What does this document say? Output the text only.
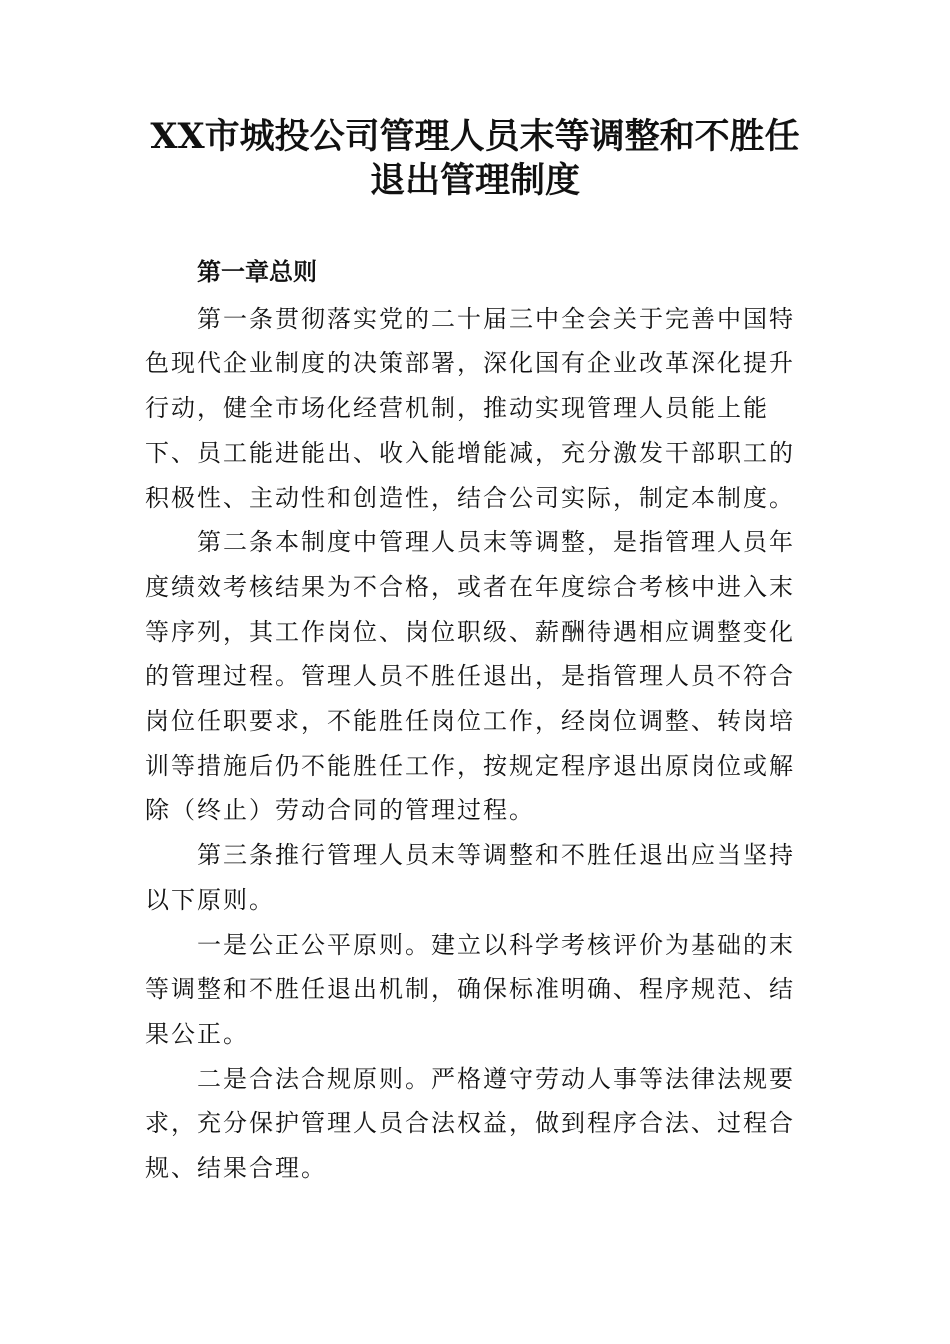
XX市城投公司管理人员末等调整和不胜任
退出管理制度
第一章总则
第一条贯彻落实党的二十届三中全会关于完善中国特
色现代企业制度的决策部署，深化国有企业改革深化提升
行动，健全市场化经营机制，推动实现管理人员能上能
下、员工能进能出、收入能增能减，充分激发干部职工的
积极性、主动性和创造性，结合公司实际，制定本制度。
第二条本制度中管理人员末等调整，是指管理人员年
度绩效考核结果为不合格，或者在年度综合考核中进入末
等序列，其工作岗位、岗位职级、薪酬待遇相应调整变化
的管理过程。管理人员不胜任退出，是指管理人员不符合
岗位任职要求，不能胜任岗位工作，经岗位调整、转岗培
训等措施后仍不能胜任工作，按规定程序退出原岗位或解
除（终止）劳动合同的管理过程。
第三条推行管理人员末等调整和不胜任退出应当坚持
以下原则。
一是公正公平原则。建立以科学考核评价为基础的末
等调整和不胜任退出机制，确保标准明确、程序规范、结
果公正。
二是合法合规原则。严格遵守劳动人事等法律法规要
求，充分保护管理人员合法权益，做到程序合法、过程合
规、结果合理。
